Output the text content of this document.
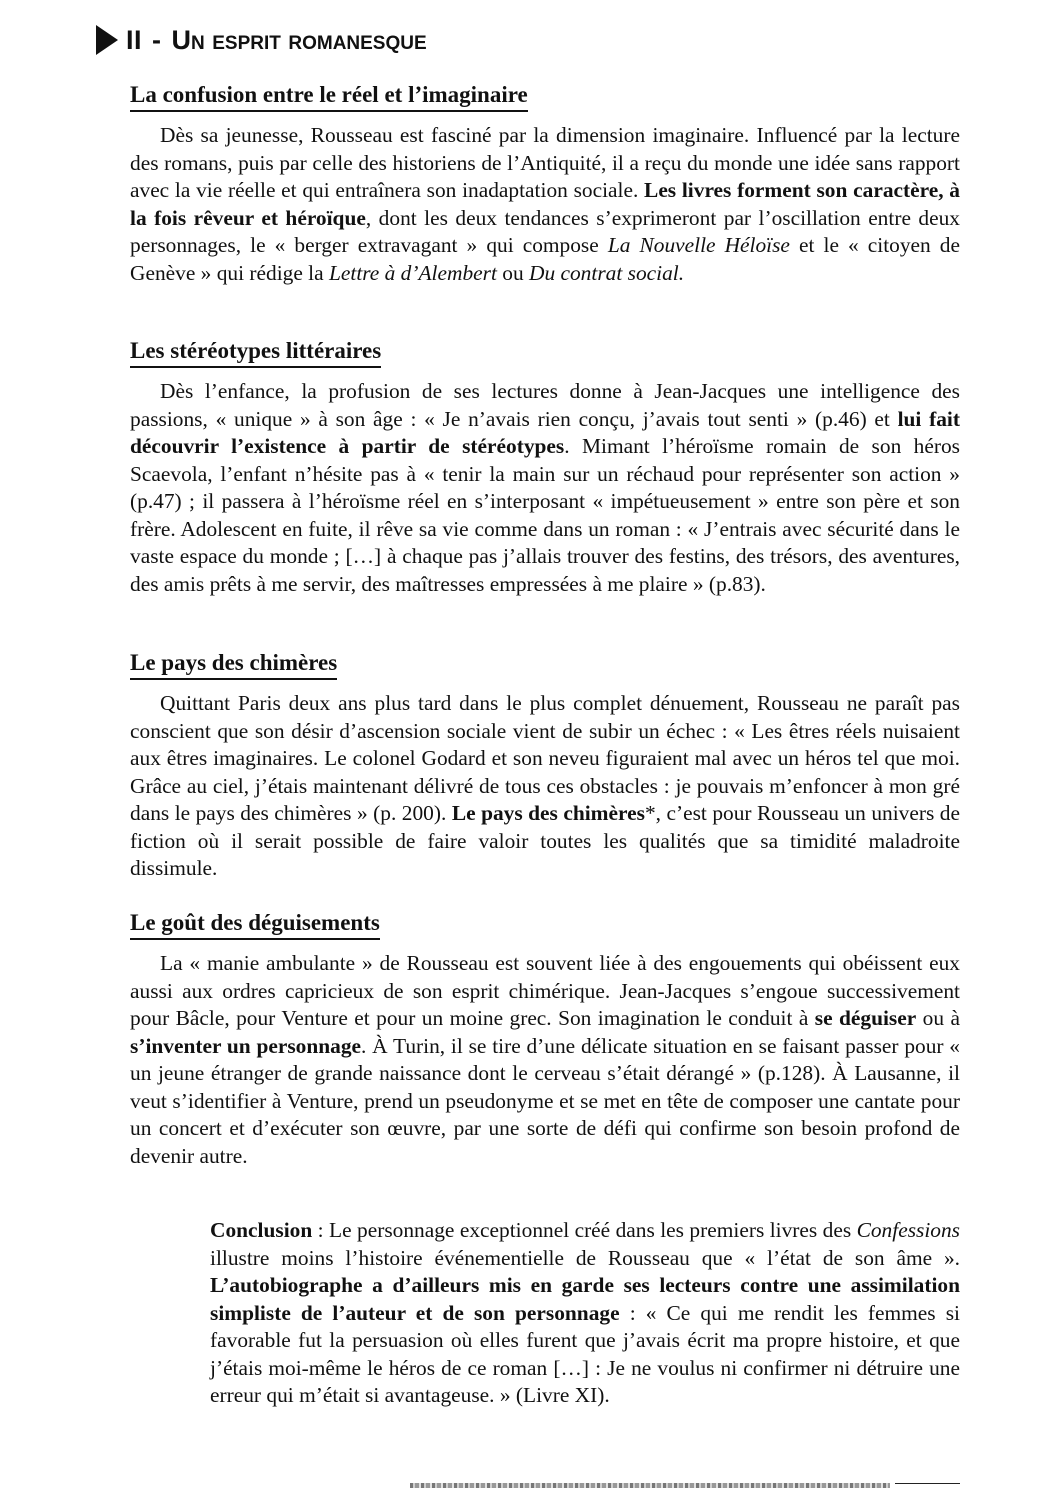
II - Un esprit romanesque
La confusion entre le réel et l’imaginaire

Dès sa jeunesse, Rousseau est fasciné par la dimension imaginaire. Influencé par la lecture des romans, puis par celle des historiens de l’Antiquité, il a reçu du monde une idée sans rapport avec la vie réelle et qui entraînera son inadaptation sociale. Les livres forment son caractère, à la fois rêveur et héroïque, dont les deux tendances s’exprimeront par l’oscillation entre deux personnages, le « berger extravagant » qui compose La Nouvelle Héloïse et le « citoyen de Genève » qui rédige la Lettre à d’Alembert ou Du contrat social.

Les stéréotypes littéraires

Dès l’enfance, la profusion de ses lectures donne à Jean-Jacques une intelligence des passions, « unique » à son âge : « Je n’avais rien conçu, j’avais tout senti » (p.46) et lui fait découvrir l’existence à partir de stéréotypes. Mimant l’héroïsme romain de son héros Scaevola, l’enfant n’hésite pas à « tenir la main sur un réchaud pour représenter son action » (p.47) ; il passera à l’héroïsme réel en s’interposant « impétueusement » entre son père et son frère. Adolescent en fuite, il rêve sa vie comme dans un roman : « J’entrais avec sécurité dans le vaste espace du monde ; […] à chaque pas j’allais trouver des festins, des trésors, des aventures, des amis prêts à me servir, des maîtresses empressées à me plaire » (p.83).

Le pays des chimères

Quittant Paris deux ans plus tard dans le plus complet dénuement, Rousseau ne paraît pas conscient que son désir d’ascension sociale vient de subir un échec : « Les êtres réels nuisaient aux êtres imaginaires. Le colonel Godard et son neveu figuraient mal avec un héros tel que moi. Grâce au ciel, j’étais maintenant délivré de tous ces obstacles : je pouvais m’enfoncer à mon gré dans le pays des chimères » (p. 200). Le pays des chimères*, c’est pour Rousseau un univers de fiction où il serait possible de faire valoir toutes les qualités que sa timidité maladroite dissimule.

Le goût des déguisements

La « manie ambulante » de Rousseau est souvent liée à des engouements qui obéissent eux aussi aux ordres capricieux de son esprit chimérique. Jean-Jacques s’engoue successivement pour Bâcle, pour Venture et pour un moine grec. Son imagination le conduit à se déguiser ou à s’inventer un personnage. À Turin, il se tire d’une délicate situation en se faisant passer pour « un jeune étranger de grande naissance dont le cerveau s’était dérangé » (p.128). À Lausanne, il veut s’identifier à Venture, prend un pseudonyme et se met en tête de composer une cantate pour un concert et d’exécuter son œuvre, par une sorte de défi qui confirme son besoin profond de devenir autre.

Conclusion : Le personnage exceptionnel créé dans les premiers livres des Confessions illustre moins l’histoire événementielle de Rousseau que « l’état de son âme ». L’autobiographe a d’ailleurs mis en garde ses lecteurs contre une assimilation simpliste de l’auteur et de son personnage : « Ce qui me rendit les femmes si favorable fut la persuasion où elles furent que j’avais écrit ma propre histoire, et que j’étais moi-même le héros de ce roman […] : Je ne voulus ni confirmer ni détruire une erreur qui m’était si avantageuse. » (Livre XI).
